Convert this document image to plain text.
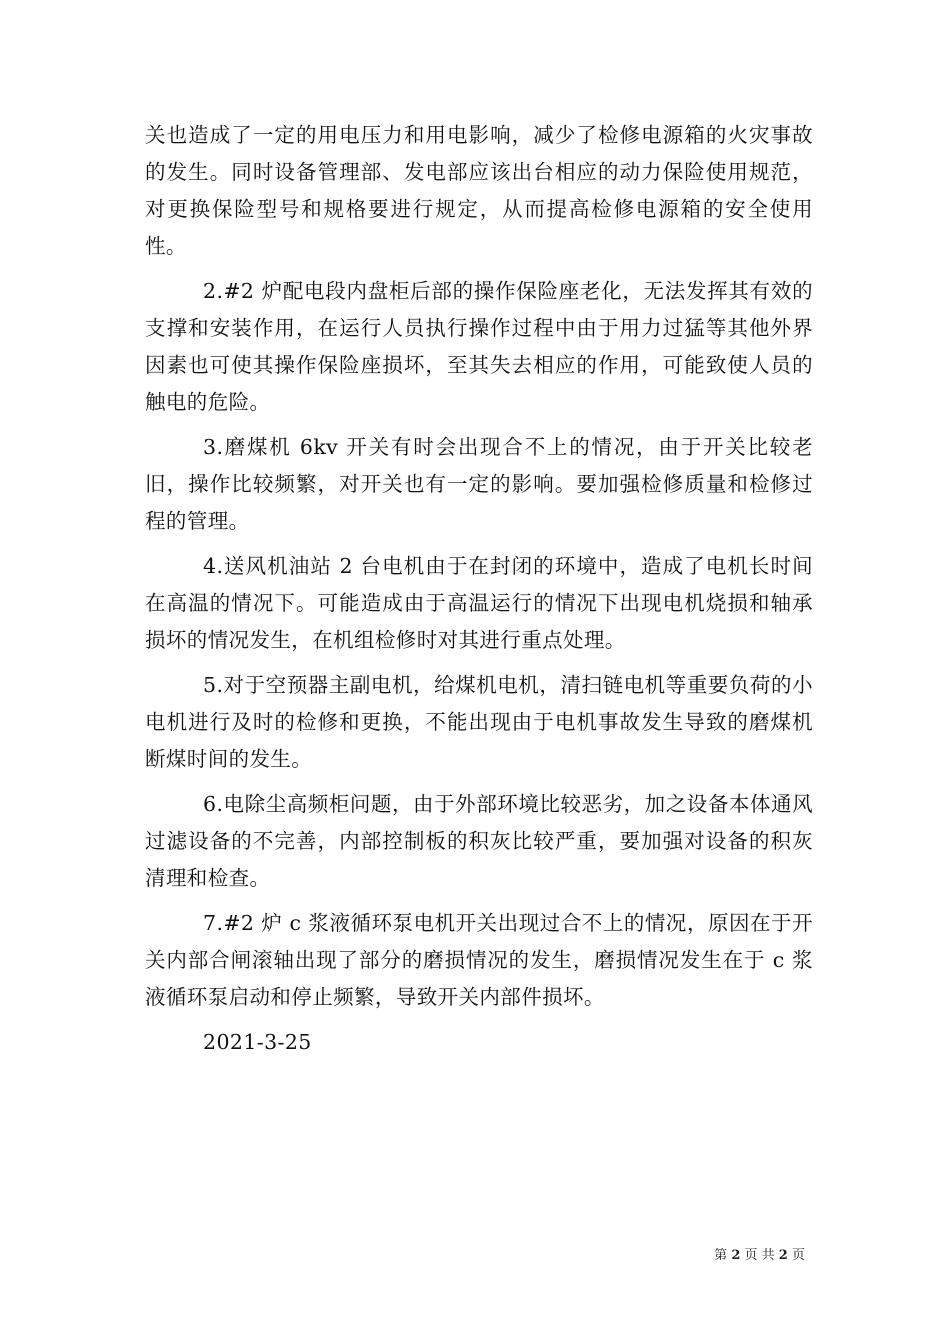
关也造成了一定的用电压力和用电影响，减少了检修电源箱的火灾事故的发生。同时设备管理部、发电部应该出台相应的动力保险使用规范，对更换保险型号和规格要进行规定，从而提高检修电源箱的安全使用性。

2.#2 炉配电段内盘柜后部的操作保险座老化，无法发挥其有效的支撑和安装作用，在运行人员执行操作过程中由于用力过猛等其他外界因素也可使其操作保险座损坏，至其失去相应的作用，可能致使人员的触电的危险。

3.磨煤机 6kv 开关有时会出现合不上的情况，由于开关比较老旧，操作比较频繁，对开关也有一定的影响。要加强检修质量和检修过程的管理。

4.送风机油站 2 台电机由于在封闭的环境中，造成了电机长时间在高温的情况下。可能造成由于高温运行的情况下出现电机烧损和轴承损坏的情况发生，在机组检修时对其进行重点处理。

5.对于空预器主副电机，给煤机电机，清扫链电机等重要负荷的小电机进行及时的检修和更换，不能出现由于电机事故发生导致的磨煤机断煤时间的发生。

6.电除尘高频柜问题，由于外部环境比较恶劣，加之设备本体通风过滤设备的不完善，内部控制板的积灰比较严重，要加强对设备的积灰清理和检查。

7.#2 炉 c 浆液循环泵电机开关出现过合不上的情况，原因在于开关内部合闸滚轴出现了部分的磨损情况的发生，磨损情况发生在于 c 浆液循环泵启动和停止频繁，导致开关内部件损坏。

2021-3-25

第 2 页 共 2 页
